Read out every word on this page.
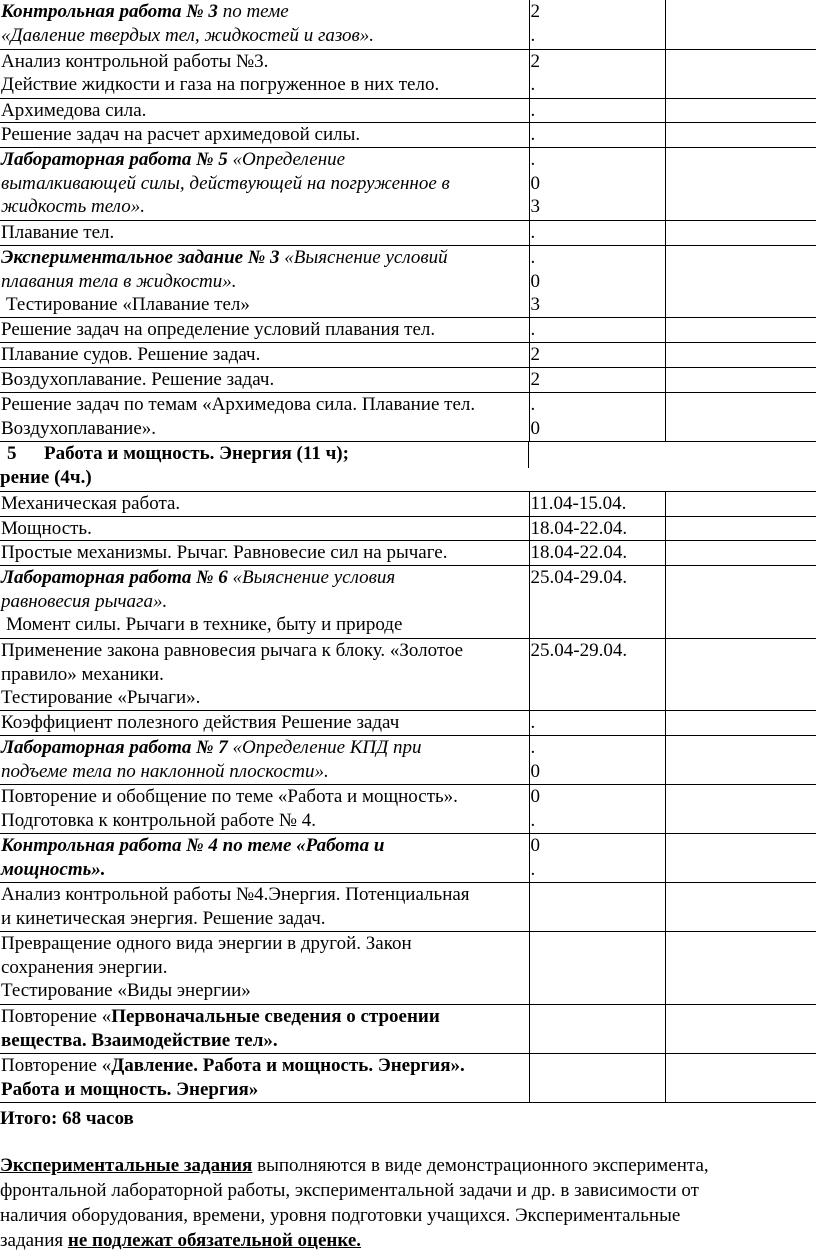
Контрольная работа № 3 по теме
«Давление твердых тел, жидкостей и газов».	2
.	

Анализ контрольной работы №3.
Действие жидкости и газа на погруженное в них тело.	2
.	

Архимедова сила.	.	

Решение задач на расчет архимедовой силы.	.	

Лабораторная работа № 5 «Определение
выталкивающей силы, действующей на погруженное в
жидкость тело».	.
0
3	

Плавание тел.	.	

Экспериментальное задание № 3 «Выяснение условий
плавания тела в жидкости».
Тестирование «Плавание тел»	.
0
3	

Решение задач на определение условий плавания тел.	.	

Плавание судов. Решение задач.	2	

Воздухоплавание. Решение задач.	2	

Решение задач по темам «Архимедова сила. Плавание тел.
Воздухоплавание».	.
0	

5 Работа и мощность. Энергия (11 ч);
рение (4ч.)		

Механическая работа.	11.04-15.04.	

Мощность.	18.04-22.04.	

Простые механизмы. Рычаг. Равновесие сил на рычаге.	18.04-22.04.	

Лабораторная работа № 6 «Выяснение условия
равновесия рычага».
Момент силы. Рычаги в технике, быту и природе	25.04-29.04.	

Применение закона равновесия рычага к блоку. «Золотое
правило» механики.
Тестирование «Рычаги».	25.04-29.04.	

Коэффициент полезного действия Решение задач	.	

Лабораторная работа № 7 «Определение КПД при
подъеме тела по наклонной плоскости».	.
0	

Повторение и обобщение по теме «Работа и мощность».
Подготовка к контрольной работе № 4.	0
.	

Контрольная работа № 4 по теме «Работа и
мощность».	0
.	

Анализ контрольной работы №4.Энергия. Потенциальная
и кинетическая энергия. Решение задач.		

Превращение одного вида энергии в другой. Закон
сохранения энергии.
Тестирование «Виды энергии»		

Повторение «Первоначальные сведения о строении
вещества. Взаимодействие тел».		

Повторение «Давление. Работа и мощность. Энергия».
Работа и мощность. Энергия»		

Итого: 68 часов
Экспериментальные задания выполняются в виде демонстрационного эксперимента,
фронтальной лабораторной работы, экспериментальной задачи и др. в зависимости от
наличия оборудования, времени, уровня подготовки учащихся. Экспериментальные
задания не подлежат обязательной оценке.
